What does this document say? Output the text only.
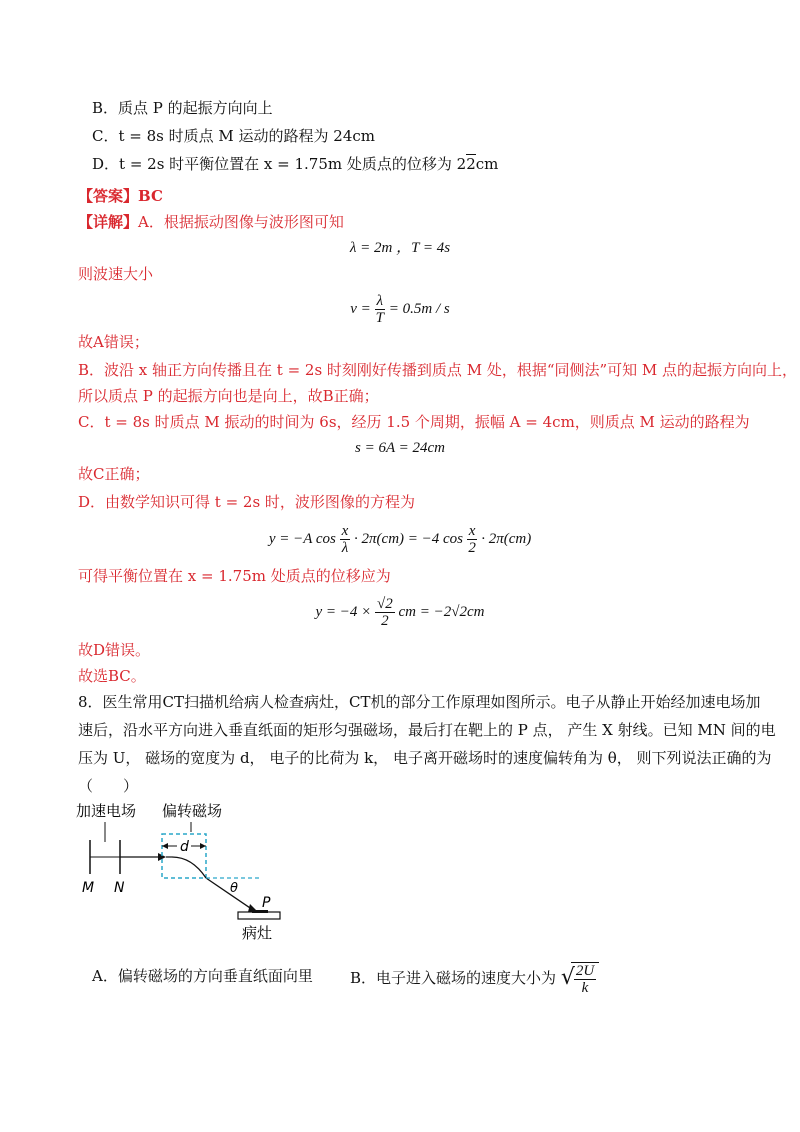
B．质点 P 的起振方向向上
C．t = 8s 时质点 M 运动的路程为 24cm
D．t = 2s 时平衡位置在 x = 1.75m 处质点的位移为 22cm
【答案】BC
【详解】A．根据振动图像与波形图可知
λ = 2m ，T = 4s
则波速大小
$v = \frac{\lambda}{T} = 0.5m / s$
故A错误；
B．波沿 x 轴正方向传播且在 t = 2s 时刻刚好传播到质点 M 处，根据“同侧法”可知 M 点的起振方向向上，
所以质点 P 的起振方向也是向上，故B正确；
C．t = 8s 时质点 M 振动的时间为 6s，经历 1.5 个周期，振幅 A = 4cm，则质点 M 运动的路程为
s = 6A = 24cm
故C正确；
D．由数学知识可得 t = 2s 时，波形图像的方程为
y = −A $\cos \frac{x}{\lambda} \cdot 2\pi(cm) = -4$ $\cos \frac{x}{2} \cdot 2\pi(cm)$
可得平衡位置在 x = 1.75m 处质点的位移应为
$y = -4 \times \frac{√2}{2}$ cm = −2√2cm
故D错误。
故选BC。
8．医生常用CT扫描机给病人检查病灶，CT机的部分工作原理如图所示。电子从静止开始经加速电场加
速后，沿水平方向进入垂直纸面的矩形匀强磁场，最后打在靶上的 P 点， 产生 X 射线。已知 MN 间的电
压为 U， 磁场的宽度为 d， 电子的比荷为 k， 电子离开磁场时的速度偏转角为 θ， 则下列说法正确的为
（　　）
加速电场 偏转磁场
M N
d
θ
P
病灶
A．偏转磁场的方向垂直纸面向里 B．电子进入磁场的速度大小为 √
$\frac{2U}{k}$
